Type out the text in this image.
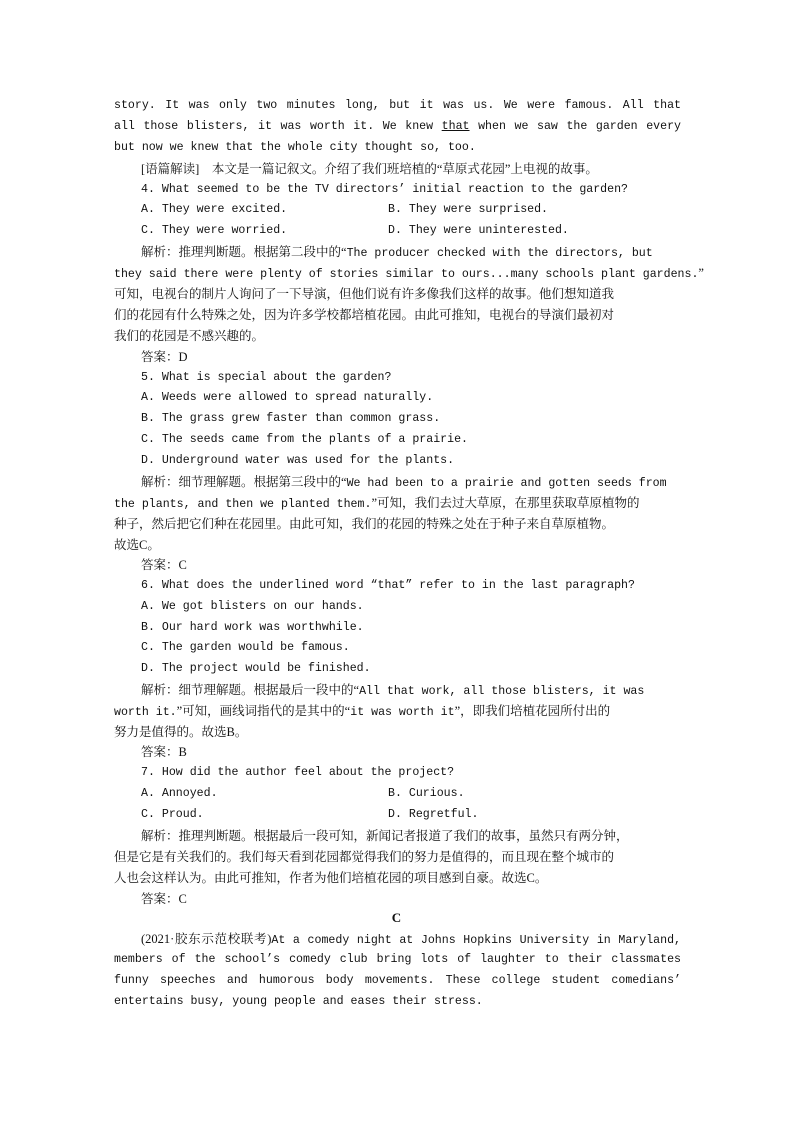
story. It was only two minutes long, but it was us. We were famous. All that
all those blisters, it was worth it. We knew that when we saw the garden every
but now we knew that the whole city thought so, too.
[语篇解读]　本文是一篇记叙文。介绍了我们班培植的“草原式花园”上电视的故事。
4. What seemed to be the TV directors’ initial reaction to the garden?
A. They were excited.	B. They were surprised.
C. They were worried.	D. They were uninterested.
解析：推理判断题。根据第二段中的“The producer checked with the directors, but
they said there were plenty of stories similar to ours...many schools plant gardens.”
可知，电视台的制片人询问了一下导演，但他们说有许多像我们这样的故事。他们想知道我
们的花园有什么特殊之处，因为许多学校都培植花园。由此可推知，电视台的导演们最初对
我们的花园是不感兴趣的。
答案：D
5. What is special about the garden?
A. Weeds were allowed to spread naturally.
B. The grass grew faster than common grass.
C. The seeds came from the plants of a prairie.
D. Underground water was used for the plants.
解析：细节理解题。根据第三段中的“We had been to a prairie and gotten seeds from
the plants, and then we planted them.”可知，我们去过大草原，在那里获取草原植物的
种子，然后把它们种在花园里。由此可知，我们的花园的特殊之处在于种子来自草原植物。
故选C。
答案：C
6. What does the underlined word “that” refer to in the last paragraph?
A. We got blisters on our hands.
B. Our hard work was worthwhile.
C. The garden would be famous.
D. The project would be finished.
解析：细节理解题。根据最后一段中的“All that work, all those blisters, it was
worth it.”可知，画线词指代的是其中的“it was worth it”，即我们培植花园所付出的
努力是值得的。故选B。
答案：B
7. How did the author feel about the project?
A. Annoyed.	B. Curious.
C. Proud.	D. Regretful.
解析：推理判断题。根据最后一段可知，新闻记者报道了我们的故事，虽然只有两分钟，
但是它是有关我们的。我们每天看到花园都觉得我们的努力是值得的，而且现在整个城市的
人也会这样认为。由此可推知，作者为他们培植花园的项目感到自豪。故选C。
答案：C
C
(2021·胶东示范校联考)At a comedy night at Johns Hopkins University in Maryland,
members of the school’s comedy club bring lots of laughter to their classmates
funny speeches and humorous body movements. These college student comedians’
entertains busy, young people and eases their stress.
